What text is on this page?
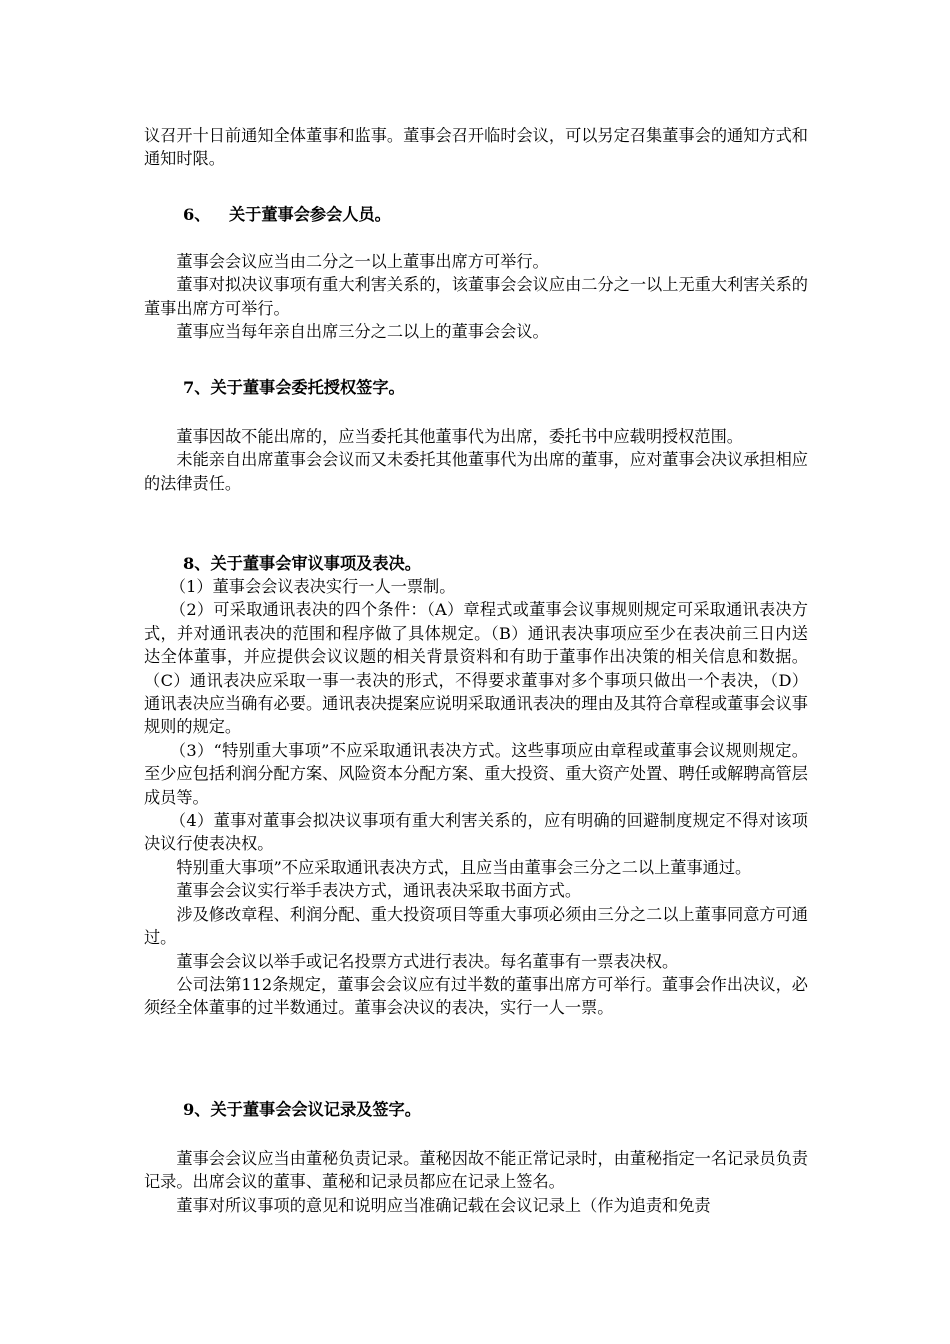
议召开十日前通知全体董事和监事。董事会召开临时会议，可以另定召集董事会的通知方式和通知时限。

6、 关于董事会参会人员。

董事会会议应当由二分之一以上董事出席方可举行。

董事对拟决议事项有重大利害关系的，该董事会会议应由二分之一以上无重大利害关系的董事出席方可举行。

董事应当每年亲自出席三分之二以上的董事会会议。

7、关于董事会委托授权签字。

董事因故不能出席的，应当委托其他董事代为出席，委托书中应载明授权范围。

未能亲自出席董事会会议而又未委托其他董事代为出席的董事，应对董事会决议承担相应的法律责任。

8、关于董事会审议事项及表决。

（1）董事会会议表决实行一人一票制。

（2）可采取通讯表决的四个条件：（A）章程式或董事会议事规则规定可采取通讯表决方式，并对通讯表决的范围和程序做了具体规定。（B）通讯表决事项应至少在表决前三日内送达全体董事，并应提供会议议题的相关背景资料和有助于董事作出决策的相关信息和数据。（C）通讯表决应采取一事一表决的形式，不得要求董事对多个事项只做出一个表决，（D）通讯表决应当确有必要。通讯表决提案应说明采取通讯表决的理由及其符合章程或董事会议事规则的规定。

（3）“特别重大事项”不应采取通讯表决方式。这些事项应由章程或董事会议规则规定。至少应包括利润分配方案、风险资本分配方案、重大投资、重大资产处置、聘任或解聘高管层成员等。

（4）董事对董事会拟决议事项有重大利害关系的，应有明确的回避制度规定不得对该项决议行使表决权。

特别重大事项”不应采取通讯表决方式，且应当由董事会三分之二以上董事通过。

董事会会议实行举手表决方式，通讯表决采取书面方式。

涉及修改章程、利润分配、重大投资项目等重大事项必须由三分之二以上董事同意方可通过。

董事会会议以举手或记名投票方式进行表决。每名董事有一票表决权。

公司法第112条规定，董事会会议应有过半数的董事出席方可举行。董事会作出决议，必须经全体董事的过半数通过。董事会决议的表决，实行一人一票。

9、关于董事会会议记录及签字。

董事会会议应当由董秘负责记录。董秘因故不能正常记录时，由董秘指定一名记录员负责记录。出席会议的董事、董秘和记录员都应在记录上签名。

董事对所议事项的意见和说明应当准确记载在会议记录上（作为追责和免责
